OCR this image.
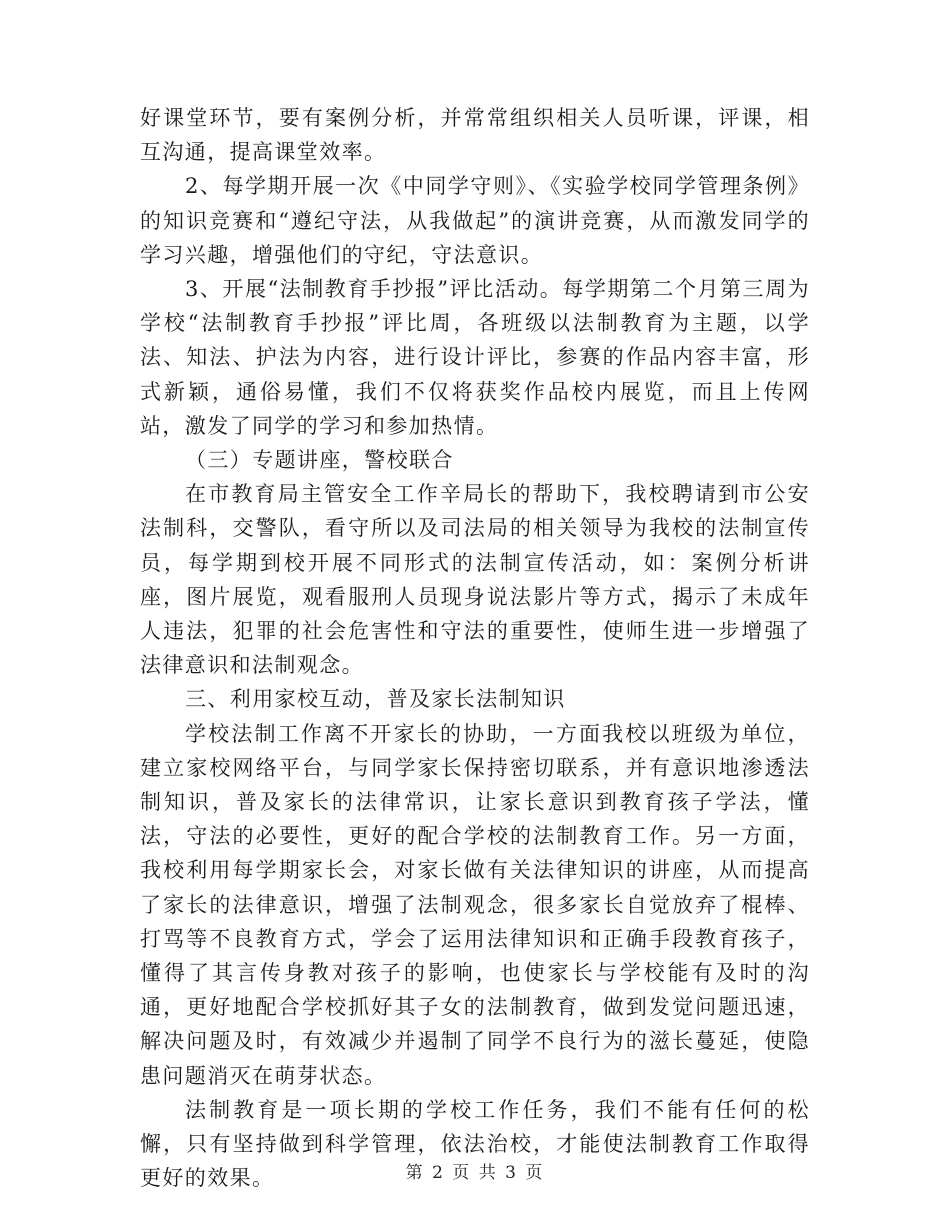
好课堂环节，要有案例分析，并常常组织相关人员听课，评课，相互沟通，提高课堂效率。

2、每学期开展一次《中同学守则》、《实验学校同学管理条例》的知识竞赛和“遵纪守法，从我做起”的演讲竞赛，从而激发同学的学习兴趣，增强他们的守纪，守法意识。

3、开展“法制教育手抄报”评比活动。每学期第二个月第三周为学校“法制教育手抄报”评比周，各班级以法制教育为主题，以学法、知法、护法为内容，进行设计评比，参赛的作品内容丰富，形式新颖，通俗易懂，我们不仅将获奖作品校内展览，而且上传网站，激发了同学的学习和参加热情。

（三）专题讲座，警校联合

在市教育局主管安全工作辛局长的帮助下，我校聘请到市公安法制科，交警队，看守所以及司法局的相关领导为我校的法制宣传员，每学期到校开展不同形式的法制宣传活动，如：案例分析讲座，图片展览，观看服刑人员现身说法影片等方式，揭示了未成年人违法，犯罪的社会危害性和守法的重要性，使师生进一步增强了法律意识和法制观念。

三、利用家校互动，普及家长法制知识

学校法制工作离不开家长的协助，一方面我校以班级为单位，建立家校网络平台，与同学家长保持密切联系，并有意识地渗透法制知识，普及家长的法律常识，让家长意识到教育孩子学法，懂法，守法的必要性，更好的配合学校的法制教育工作。另一方面，我校利用每学期家长会，对家长做有关法律知识的讲座，从而提高了家长的法律意识，增强了法制观念，很多家长自觉放弃了棍棒、打骂等不良教育方式，学会了运用法律知识和正确手段教育孩子，懂得了其言传身教对孩子的影响，也使家长与学校能有及时的沟通，更好地配合学校抓好其子女的法制教育，做到发觉问题迅速，解决问题及时，有效减少并遏制了同学不良行为的滋长蔓延，使隐患问题消灭在萌芽状态。

法制教育是一项长期的学校工作任务，我们不能有任何的松懈，只有坚持做到科学管理，依法治校，才能使法制教育工作取得更好的效果。	第 2 页 共 3 页
